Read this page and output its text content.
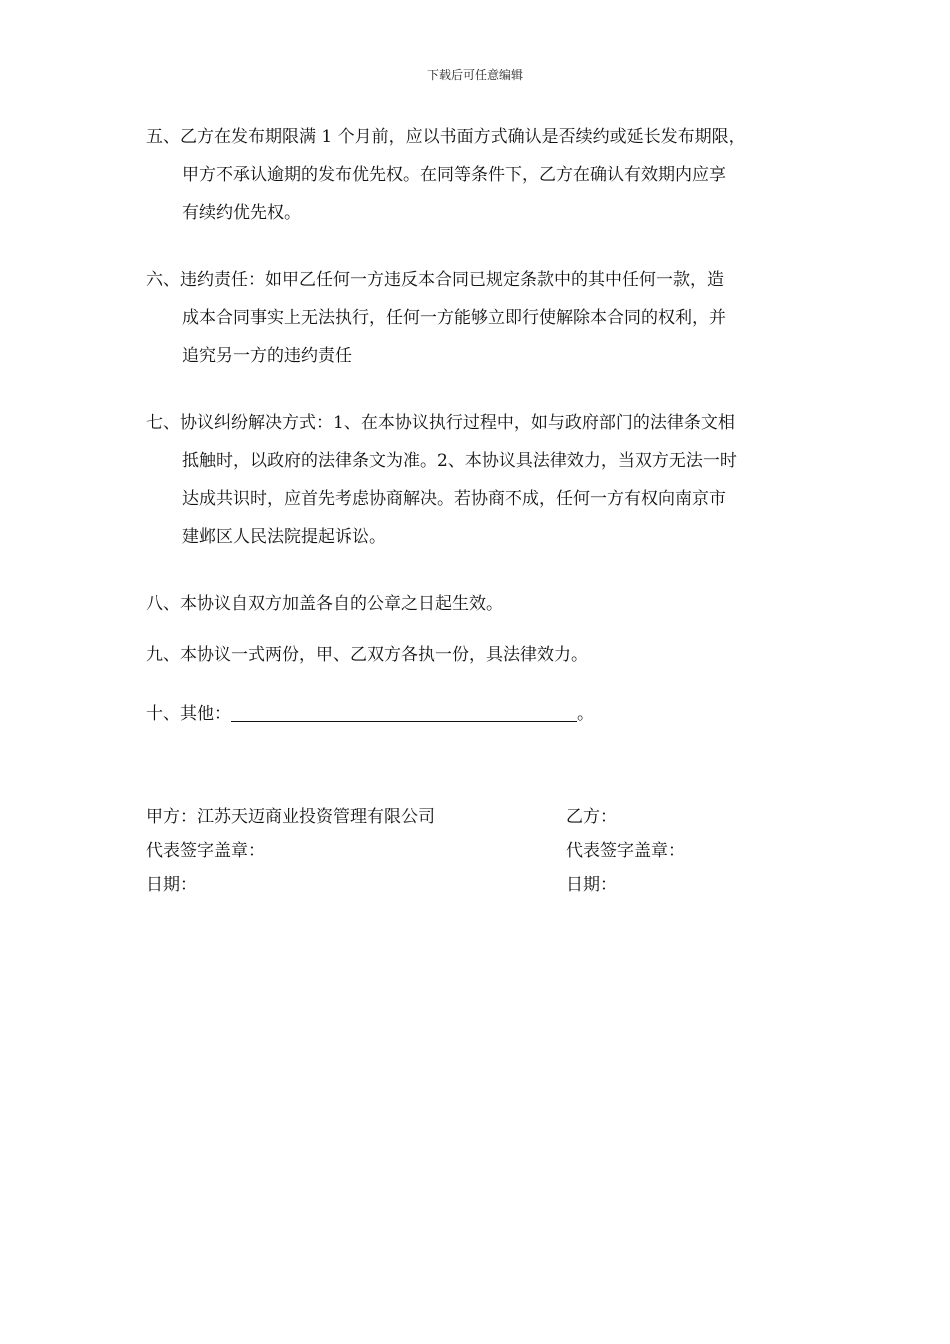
下载后可任意编辑
五、乙方在发布期限满 1 个月前，应以书面方式确认是否续约或延长发布期限，
甲方不承认逾期的发布优先权。在同等条件下，乙方在确认有效期内应享
有续约优先权。
六、违约责任：如甲乙任何一方违反本合同已规定条款中的其中任何一款，造
成本合同事实上无法执行，任何一方能够立即行使解除本合同的权利，并
追究另一方的违约责任
七、协议纠纷解决方式：1、在本协议执行过程中，如与政府部门的法律条文相
抵触时，以政府的法律条文为准。2、本协议具法律效力，当双方无法一时
达成共识时，应首先考虑协商解决。若协商不成，任何一方有权向南京市
建邺区人民法院提起诉讼。
八、本协议自双方加盖各自的公章之日起生效。
九、本协议一式两份，甲、乙双方各执一份，具法律效力。
十、其他：	。
甲方：江苏天迈商业投资管理有限公司
代表签字盖章：
日期：
乙方：
代表签字盖章：
日期：
